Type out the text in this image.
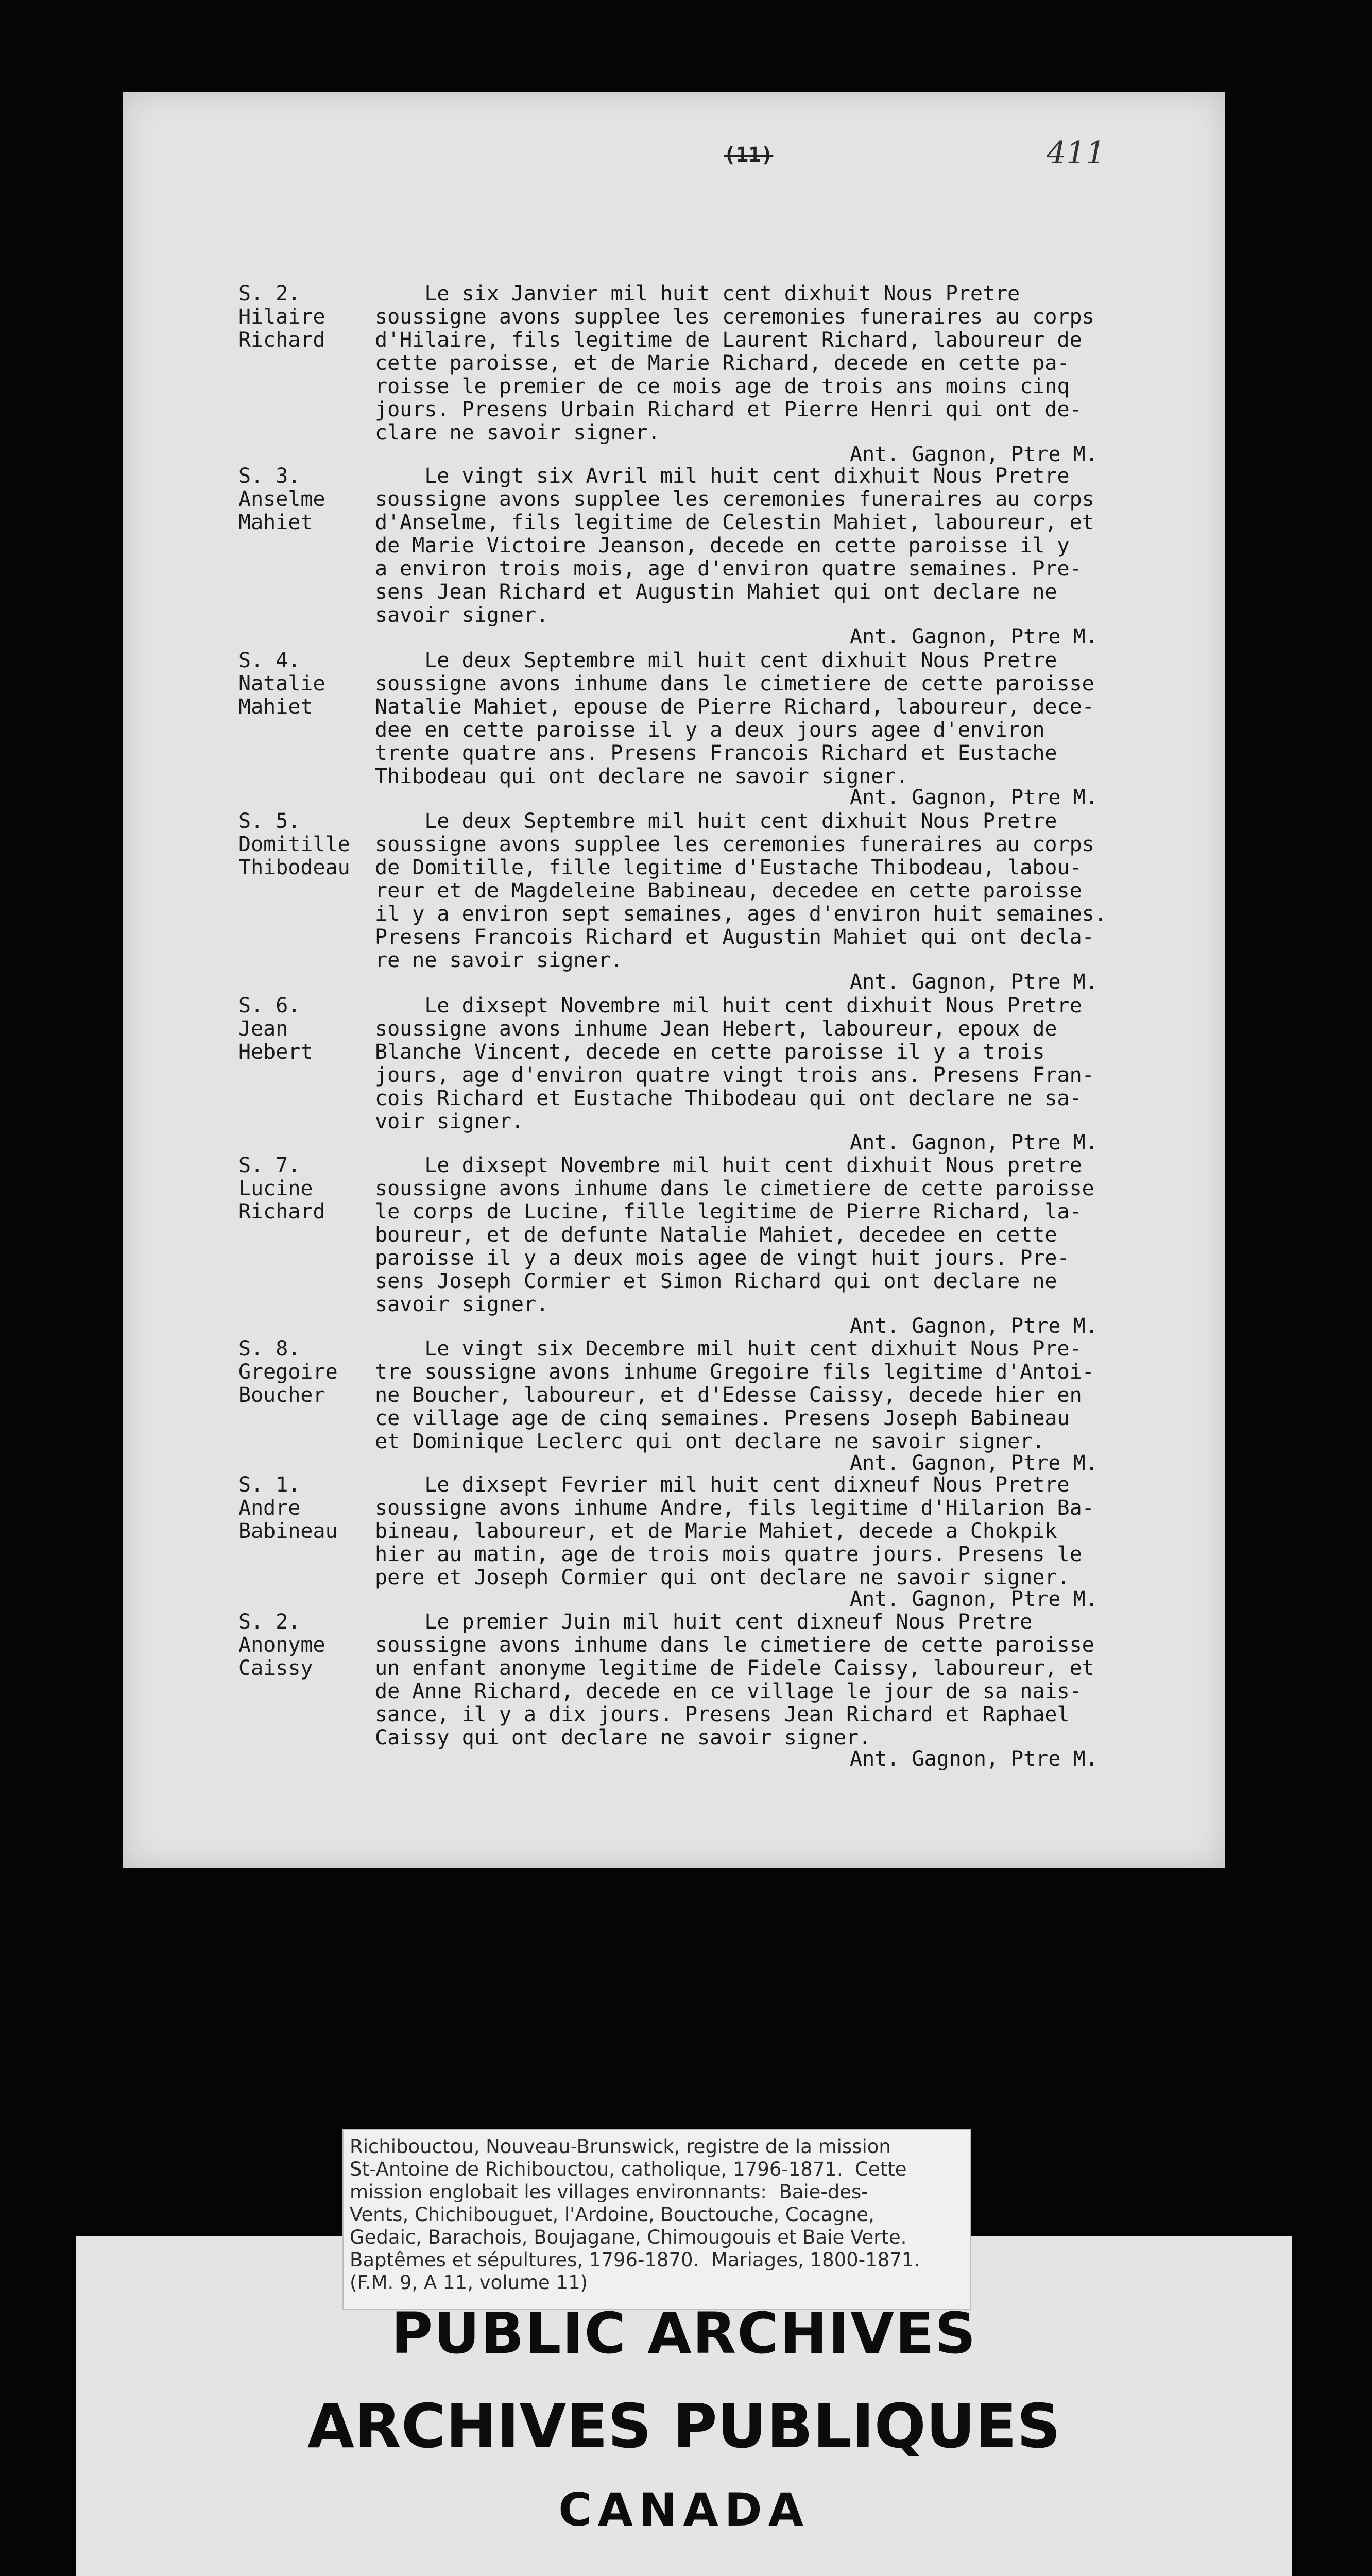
(11)	411
S. 2.
Hilaire
Richard
Le six Janvier mil huit cent dixhuit Nous Pretre
soussigne avons supplee les ceremonies funeraires au corps
d'Hilaire, fils legitime de Laurent Richard, laboureur de
cette paroisse, et de Marie Richard, decede en cette pa-
roisse le premier de ce mois age de trois ans moins cinq
jours. Presens Urbain Richard et Pierre Henri qui ont de-
clare ne savoir signer.
Ant. Gagnon, Ptre M.
S. 3.
Anselme
Mahiet
Le vingt six Avril mil huit cent dixhuit Nous Pretre
soussigne avons supplee les ceremonies funeraires au corps
d'Anselme, fils legitime de Celestin Mahiet, laboureur, et
de Marie Victoire Jeanson, decede en cette paroisse il y
a environ trois mois, age d'environ quatre semaines. Pre-
sens Jean Richard et Augustin Mahiet qui ont declare ne
savoir signer.
Ant. Gagnon, Ptre M.
S. 4.
Natalie
Mahiet
Le deux Septembre mil huit cent dixhuit Nous Pretre
soussigne avons inhume dans le cimetiere de cette paroisse
Natalie Mahiet, epouse de Pierre Richard, laboureur, dece-
dee en cette paroisse il y a deux jours agee d'environ
trente quatre ans. Presens Francois Richard et Eustache
Thibodeau qui ont declare ne savoir signer.
Ant. Gagnon, Ptre M.
S. 5.
Domitille
Thibodeau
Le deux Septembre mil huit cent dixhuit Nous Pretre
soussigne avons supplee les ceremonies funeraires au corps
de Domitille, fille legitime d'Eustache Thibodeau, labou-
reur et de Magdeleine Babineau, decedee en cette paroisse
il y a environ sept semaines, ages d'environ huit semaines.
Presens Francois Richard et Augustin Mahiet qui ont decla-
re ne savoir signer.
Ant. Gagnon, Ptre M.
S. 6.
Jean
Hebert
Le dixsept Novembre mil huit cent dixhuit Nous Pretre
soussigne avons inhume Jean Hebert, laboureur, epoux de
Blanche Vincent, decede en cette paroisse il y a trois
jours, age d'environ quatre vingt trois ans. Presens Fran-
cois Richard et Eustache Thibodeau qui ont declare ne sa-
voir signer.
Ant. Gagnon, Ptre M.
S. 7.
Lucine
Richard
Le dixsept Novembre mil huit cent dixhuit Nous pretre
soussigne avons inhume dans le cimetiere de cette paroisse
le corps de Lucine, fille legitime de Pierre Richard, la-
boureur, et de defunte Natalie Mahiet, decedee en cette
paroisse il y a deux mois agee de vingt huit jours. Pre-
sens Joseph Cormier et Simon Richard qui ont declare ne
savoir signer.
Ant. Gagnon, Ptre M.
S. 8.
Gregoire
Boucher
Le vingt six Decembre mil huit cent dixhuit Nous Pre-
tre soussigne avons inhume Gregoire fils legitime d'Antoi-
ne Boucher, laboureur, et d'Edesse Caissy, decede hier en
ce village age de cinq semaines. Presens Joseph Babineau
et Dominique Leclerc qui ont declare ne savoir signer.
Ant. Gagnon, Ptre M.
S. 1.
Andre
Babineau
Le dixsept Fevrier mil huit cent dixneuf Nous Pretre
soussigne avons inhume Andre, fils legitime d'Hilarion Ba-
bineau, laboureur, et de Marie Mahiet, decede a Chokpik
hier au matin, age de trois mois quatre jours. Presens le
pere et Joseph Cormier qui ont declare ne savoir signer.
Ant. Gagnon, Ptre M.
S. 2.
Anonyme
Caissy
Le premier Juin mil huit cent dixneuf Nous Pretre
soussigne avons inhume dans le cimetiere de cette paroisse
un enfant anonyme legitime de Fidele Caissy, laboureur, et
de Anne Richard, decede en ce village le jour de sa nais-
sance, il y a dix jours. Presens Jean Richard et Raphael
Caissy qui ont declare ne savoir signer.
Ant. Gagnon, Ptre M.
Richibouctou, Nouveau-Brunswick, registre de la mission
St-Antoine de Richibouctou, catholique, 1796-1871.  Cette
mission englobait les villages environnants:  Baie-des-
Vents, Chichibouguet, l'Ardoine, Bouctouche, Cocagne,
Gedaic, Barachois, Boujagane, Chimougouis et Baie Verte.
Baptêmes et sépultures, 1796-1870.  Mariages, 1800-1871.
(F.M. 9, A 11, volume 11)
PUBLIC ARCHIVES
ARCHIVES PUBLIQUES
CANADA
